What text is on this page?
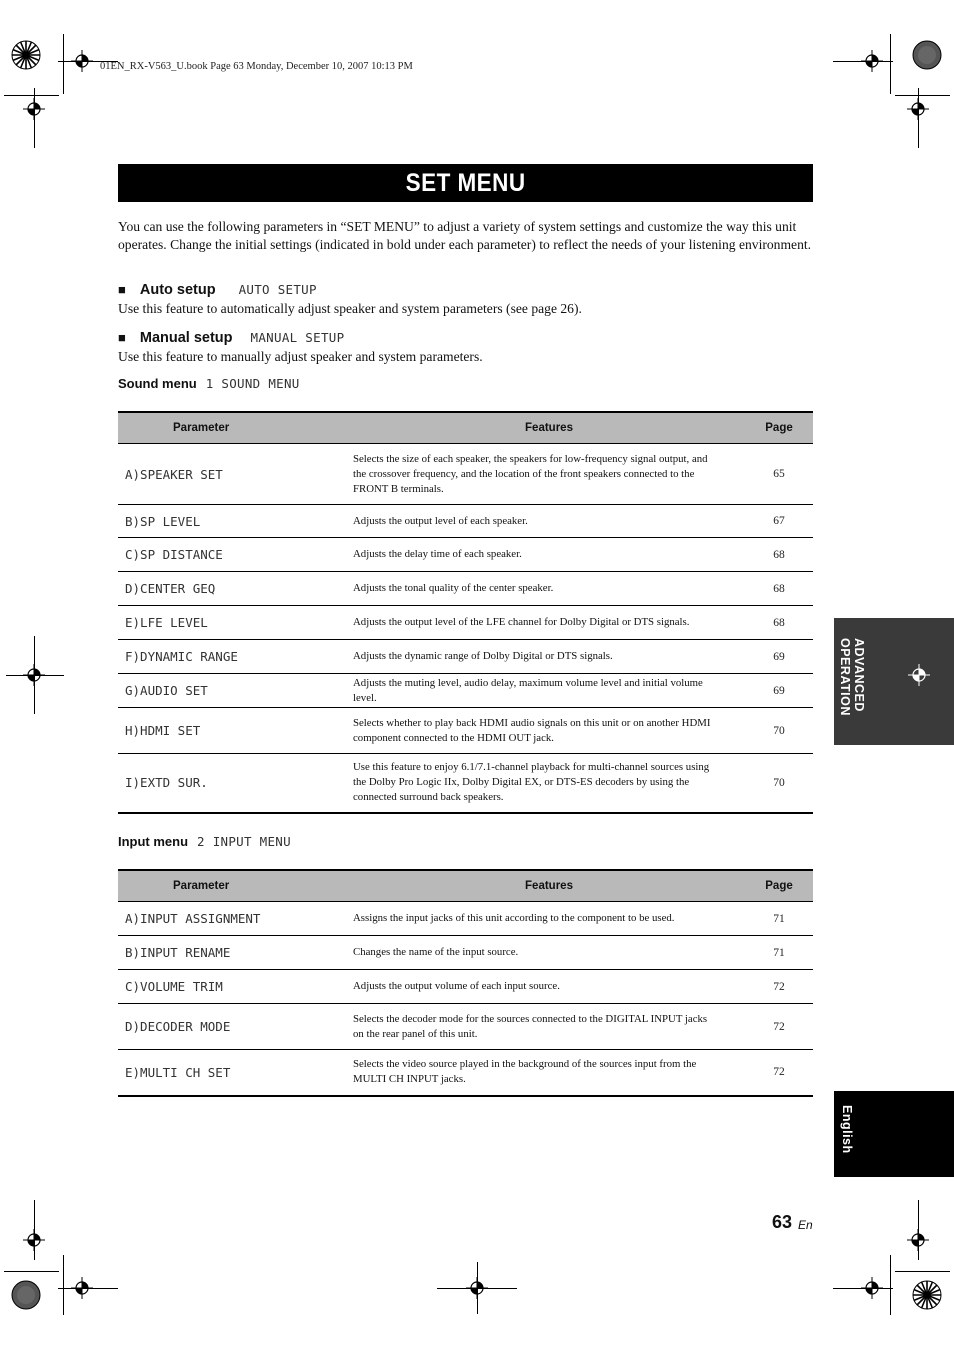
01EN_RX-V563_U.book Page 63 Monday, December 10, 2007 10:13 PM
SET MENU
You can use the following parameters in “SET MENU” to adjust a variety of system settings and customize the way this unit operates. Change the initial settings (indicated in bold under each parameter) to reflect the needs of your listening environment.
■ Auto setup AUTO SETUP
Use this feature to automatically adjust speaker and system parameters (see page 26).
■ Manual setup MANUAL SETUP
Use this feature to manually adjust speaker and system parameters.
Sound menu 1 SOUND MENU
Parameter	Features	Page
A)SPEAKER SET	Selects the size of each speaker, the speakers for low-frequency signal output, and the crossover frequency, and the location of the front speakers connected to the FRONT B terminals.	65
B)SP LEVEL	Adjusts the output level of each speaker.	67
C)SP DISTANCE	Adjusts the delay time of each speaker.	68
D)CENTER GEQ	Adjusts the tonal quality of the center speaker.	68
E)LFE LEVEL	Adjusts the output level of the LFE channel for Dolby Digital or DTS signals.	68
F)DYNAMIC RANGE	Adjusts the dynamic range of Dolby Digital or DTS signals.	69
G)AUDIO SET	Adjusts the muting level, audio delay, maximum volume level and initial volume level.	69
H)HDMI SET	Selects whether to play back HDMI audio signals on this unit or on another HDMI component connected to the HDMI OUT jack.	70
I)EXTD SUR.	Use this feature to enjoy 6.1/7.1-channel playback for multi-channel sources using the Dolby Pro Logic IIx, Dolby Digital EX, or DTS-ES decoders by using the connected surround back speakers.	70
Input menu 2 INPUT MENU
Parameter	Features	Page
A)INPUT ASSIGNMENT	Assigns the input jacks of this unit according to the component to be used.	71
B)INPUT RENAME	Changes the name of the input source.	71
C)VOLUME TRIM	Adjusts the output volume of each input source.	72
D)DECODER MODE	Selects the decoder mode for the sources connected to the DIGITAL INPUT jacks on the rear panel of this unit.	72
E)MULTI CH SET	Selects the video source played in the background of the sources input from the MULTI CH INPUT jacks.	72
ADVANCED
OPERATION
English
63 En
